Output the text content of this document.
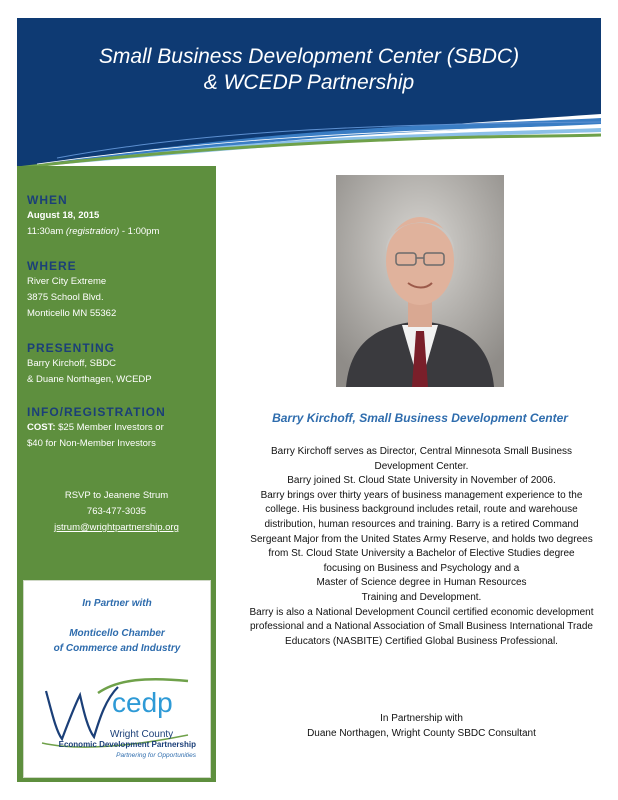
Small Business Development Center (SBDC)
& WCEDP Partnership
WHEN
August 18, 2015
11:30am (registration) - 1:00pm
WHERE
River City Extreme
3875 School Blvd.
Monticello MN 55362
PRESENTING
Barry Kirchoff, SBDC
& Duane Northagen, WCEDP
INFO/REGISTRATION
COST: $25 Member Investors or
$40 for Non-Member Investors
RSVP to Jeanene Strum
763-477-3035
jstrum@wrightpartnership.org
In Partner with
Monticello Chamber
of Commerce and Industry
cedp
Wright County
Economic Development Partnership
Partnering for Opportunities
Barry Kirchoff, Small Business Development Center

Barry Kirchoff serves as Director, Central Minnesota Small Business Development Center.

Barry joined St. Cloud State University in November of 2006.

Barry brings over thirty years of business management experience to the college. His business background includes retail, route and warehouse distribution, human resources and training. Barry is a retired Command Sergeant Major from the United States Army Reserve, and holds two degrees from St. Cloud State University a Bachelor of Elective Studies degree focusing on Business and Psychology and a

Master of Science degree in Human Resources

Training and Development.

Barry is also a National Development Council certified economic development professional and a National Association of Small Business International Trade Educators (NASBITE) Certified Global Business Professional.

In Partnership with
Duane Northagen, Wright County SBDC Consultant
